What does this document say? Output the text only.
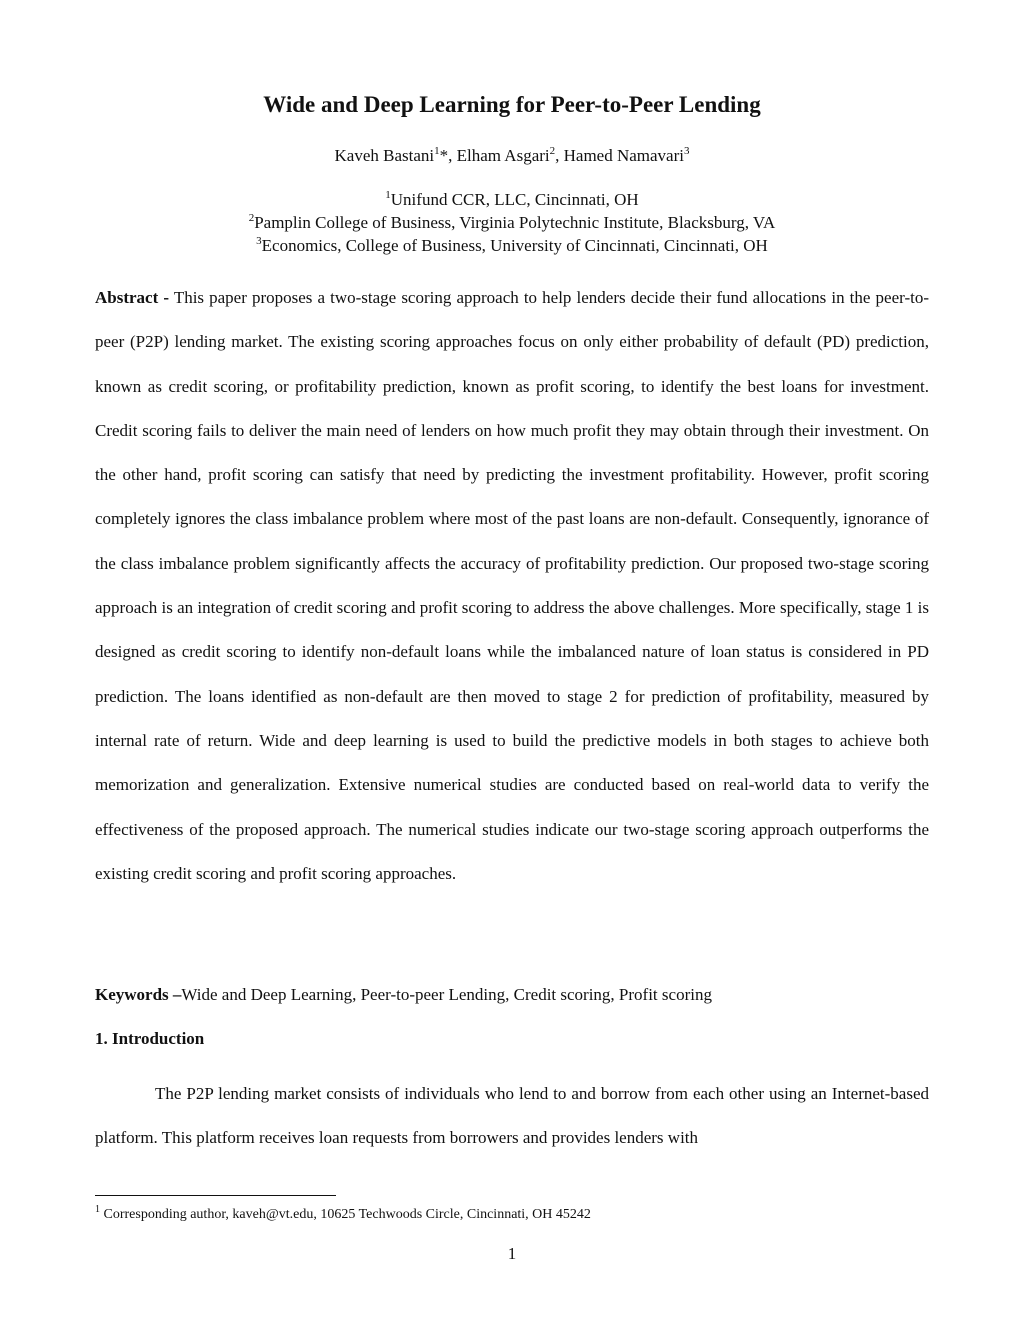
Wide and Deep Learning for Peer-to-Peer Lending
Kaveh Bastani$^1$*, Elham Asgari$^2$, Hamed Namavari$^3$
$^1$Unifund CCR, LLC, Cincinnati, OH
$^2$Pamplin College of Business, Virginia Polytechnic Institute, Blacksburg, VA
$^3$Economics, College of Business, University of Cincinnati, Cincinnati, OH

Abstract - This paper proposes a two-stage scoring approach to help lenders decide their fund allocations in the peer-to-peer (P2P) lending market. The existing scoring approaches focus on only either probability of default (PD) prediction, known as credit scoring, or profitability prediction, known as profit scoring, to identify the best loans for investment. Credit scoring fails to deliver the main need of lenders on how much profit they may obtain through their investment. On the other hand, profit scoring can satisfy that need by predicting the investment profitability. However, profit scoring completely ignores the class imbalance problem where most of the past loans are non-default. Consequently, ignorance of the class imbalance problem significantly affects the accuracy of profitability prediction. Our proposed two-stage scoring approach is an integration of credit scoring and profit scoring to address the above challenges. More specifically, stage 1 is designed as credit scoring to identify non-default loans while the imbalanced nature of loan status is considered in PD prediction. The loans identified as non-default are then moved to stage 2 for prediction of profitability, measured by internal rate of return. Wide and deep learning is used to build the predictive models in both stages to achieve both memorization and generalization. Extensive numerical studies are conducted based on real-world data to verify the effectiveness of the proposed approach. The numerical studies indicate our two-stage scoring approach outperforms the existing credit scoring and profit scoring approaches.

Keywords –Wide and Deep Learning, Peer-to-peer Lending, Credit scoring, Profit scoring
1. Introduction

The P2P lending market consists of individuals who lend to and borrow from each other using an Internet-based platform. This platform receives loan requests from borrowers and provides lenders with

$^1$ Corresponding author, kaveh@vt.edu, 10625 Techwoods Circle, Cincinnati, OH 45242
1
